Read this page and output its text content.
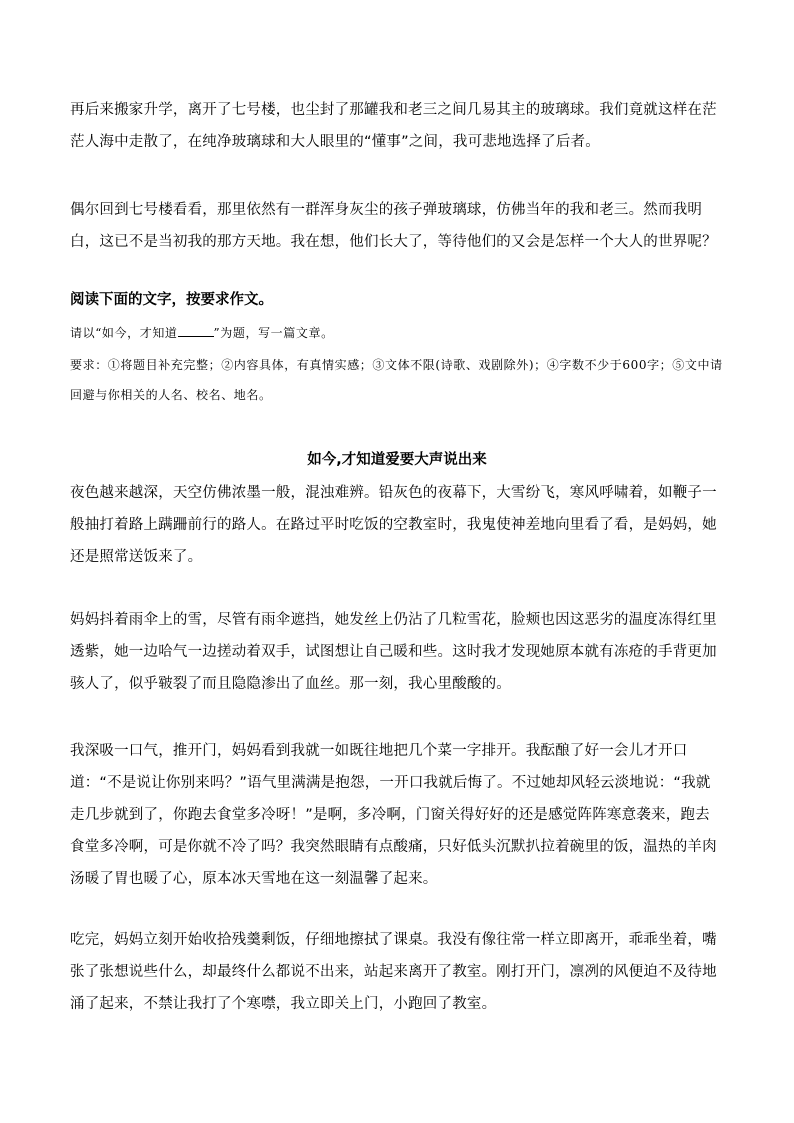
再后来搬家升学，离开了七号楼，也尘封了那罐我和老三之间几易其主的玻璃球。我们竟就这样在茫茫人海中走散了，在纯净玻璃球和大人眼里的“懂事”之间，我可悲地选择了后者。

偶尔回到七号楼看看，那里依然有一群浑身灰尘的孩子弹玻璃球，仿佛当年的我和老三。然而我明白，这已不是当初我的那方天地。我在想，他们长大了，等待他们的又会是怎样一个大人的世界呢？

阅读下面的文字，按要求作文。

请以“如今，才知道	”为题，写一篇文章。

要求：①将题目补充完整；②内容具体，有真情实感；③文体不限(诗歌、戏剧除外)；④字数不少于600字；⑤文中请回避与你相关的人名、校名、地名。

如今,才知道爱要大声说出来

夜色越来越深，天空仿佛浓墨一般，混浊难辨。铅灰色的夜幕下，大雪纷飞，寒风呼啸着，如鞭子一般抽打着路上蹒跚前行的路人。在路过平时吃饭的空教室时，我鬼使神差地向里看了看，是妈妈，她还是照常送饭来了。

妈妈抖着雨伞上的雪，尽管有雨伞遮挡，她发丝上仍沾了几粒雪花，脸颊也因这恶劣的温度冻得红里透紫，她一边哈气一边搓动着双手，试图想让自己暖和些。这时我才发现她原本就有冻疮的手背更加骇人了，似乎皲裂了而且隐隐渗出了血丝。那一刻，我心里酸酸的。

我深吸一口气，推开门，妈妈看到我就一如既往地把几个菜一字排开。我酝酿了好一会儿才开口道：“不是说让你别来吗？”语气里满满是抱怨，一开口我就后悔了。不过她却风轻云淡地说：“我就走几步就到了，你跑去食堂多冷呀！”是啊，多冷啊，门窗关得好好的还是感觉阵阵寒意袭来，跑去食堂多冷啊，可是你就不冷了吗？我突然眼睛有点酸痛，只好低头沉默扒拉着碗里的饭，温热的羊肉汤暖了胃也暖了心，原本冰天雪地在这一刻温馨了起来。

吃完，妈妈立刻开始收拾残羹剩饭，仔细地擦拭了课桌。我没有像往常一样立即离开，乖乖坐着，嘴张了张想说些什么，却最终什么都说不出来，站起来离开了教室。刚打开门，凛冽的风便迫不及待地涌了起来，不禁让我打了个寒噤，我立即关上门，小跑回了教室。
